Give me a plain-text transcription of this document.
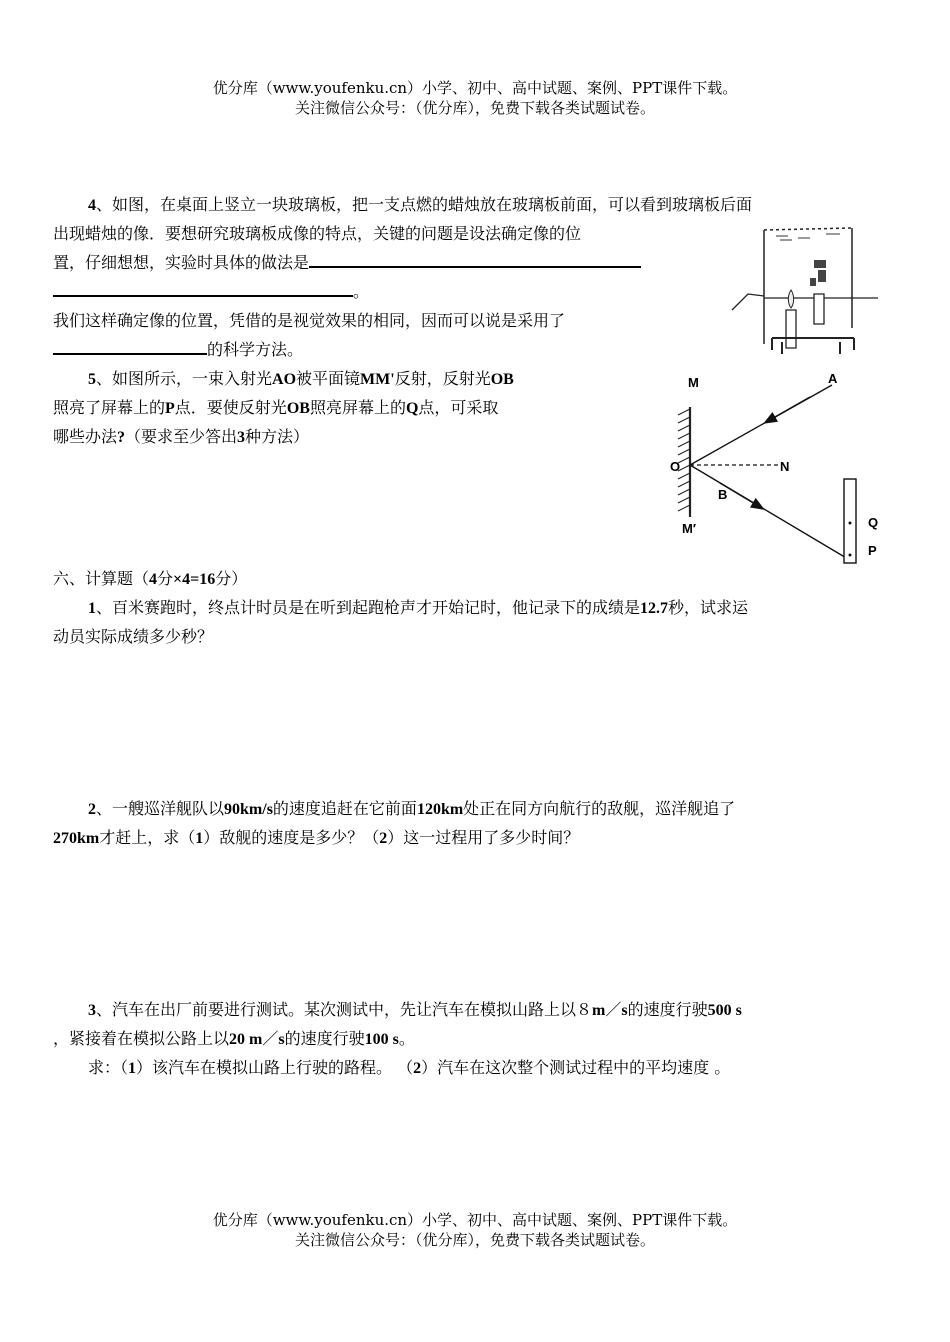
优分库（www.youfenku.cn）小学、初中、高中试题、案例、PPT课件下载。
关注微信公众号：（优分库），免费下载各类试题试卷。
4、如图，在桌面上竖立一块玻璃板，把一支点燃的蜡烛放在玻璃板前面，可以看到玻璃板后面
出现蜡烛的像．要想研究玻璃板成像的特点，关键的问题是设法确定像的位
置，仔细想想，实验时具体的做法是
。
我们这样确定像的位置，凭借的是视觉效果的相同，因而可以说是采用了
的科学方法。
5、如图所示，一束入射光AO被平面镜MM'反射，反射光OB
照亮了屏幕上的P点．要使反射光OB照亮屏幕上的Q点，可采取
哪些办法?（要求至少答出3种方法）
M	A
O	N
B
M′	Q
P
六、计算题（4分×4=16分）
1、百米赛跑时，终点计时员是在听到起跑枪声才开始记时，他记录下的成绩是12.7秒，试求运
动员实际成绩多少秒？
2、一艘巡洋舰队以90km/s的速度追赶在它前面120km处正在同方向航行的敌舰，巡洋舰追了
270km才赶上，求（1）敌舰的速度是多少？（2）这一过程用了多少时间？
3、汽车在出厂前要进行测试。某次测试中，先让汽车在模拟山路上以８m／s的速度行驶500 s
，紧接着在模拟公路上以20 m／s的速度行驶100 s。
求：（1）该汽车在模拟山路上行驶的路程。 （2）汽车在这次整个测试过程中的平均速度 。
优分库（www.youfenku.cn）小学、初中、高中试题、案例、PPT课件下载。
关注微信公众号：（优分库），免费下载各类试题试卷。
